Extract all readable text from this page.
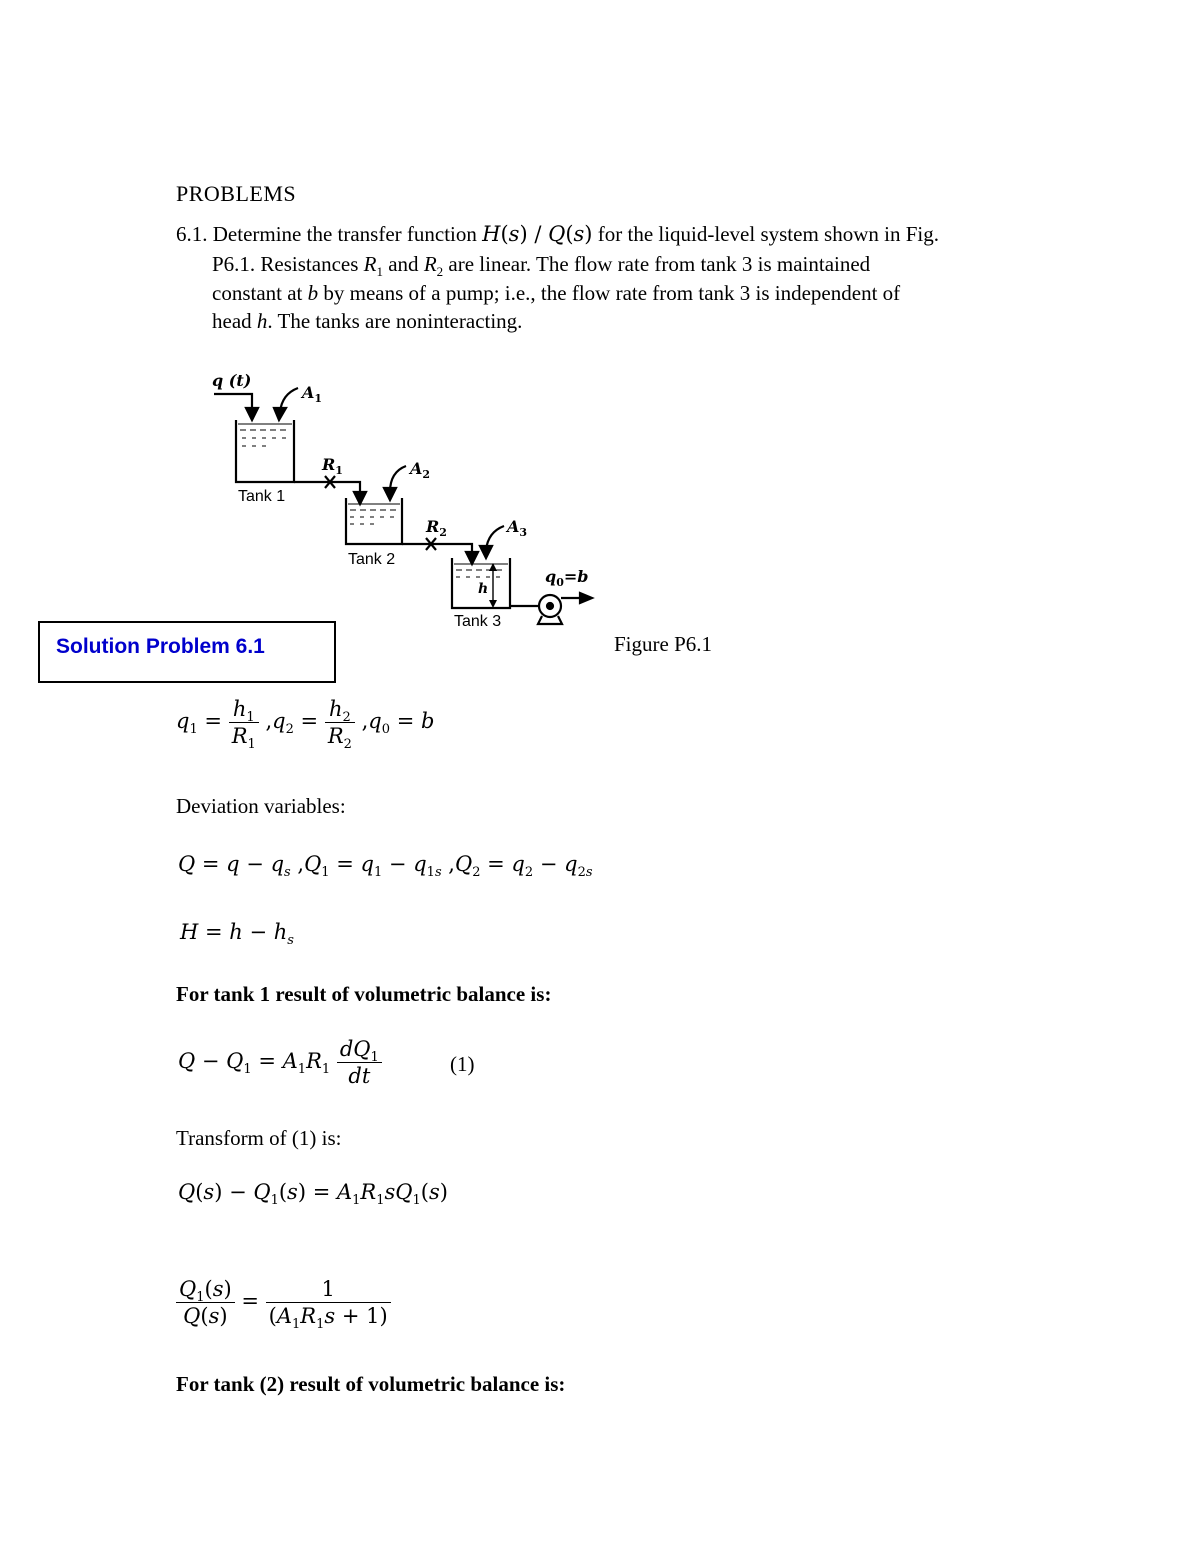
PROBLEMS
6.1. Determine the transfer function H(s) / Q(s) for the liquid-level system shown in Fig.
P6.1. Resistances $R_1$ and $R_2$ are linear. The flow rate from tank 3 is maintained
constant at b by means of a pump; i.e., the flow rate from tank 3 is independent of
head h. The tanks are noninteracting.
q (t)
$A_1$
$R_1$	$A_2$
$R_2$	$A_3$
h
$q_0=b$
Tank 1
Tank 2
Tank 3
Figure P6.1
Solution Problem 6.1
$q_1 = \frac{h_1}{R_1} ,q_2 = \frac{h_2}{R_2} ,q_0 = b$
Deviation variables:
$Q = q - q_s$ $,Q_1 = q_1 - q_{1s}$ $,Q_2 = q_2 - q_{2s}$
$H = h - h_s$
For tank 1 result of volumetric balance is:
$Q - Q_1 = A_1R_1 \frac{dQ_1}{dt}$	(1)
Transform of (1) is:
$Q(s) - Q_1(s) = A_1R_1sQ_1(s)$
$\frac{Q_1(s)}{Q(s)} = \frac{1}{(A_1R_1s + 1)}$
For tank (2) result of volumetric balance is:
